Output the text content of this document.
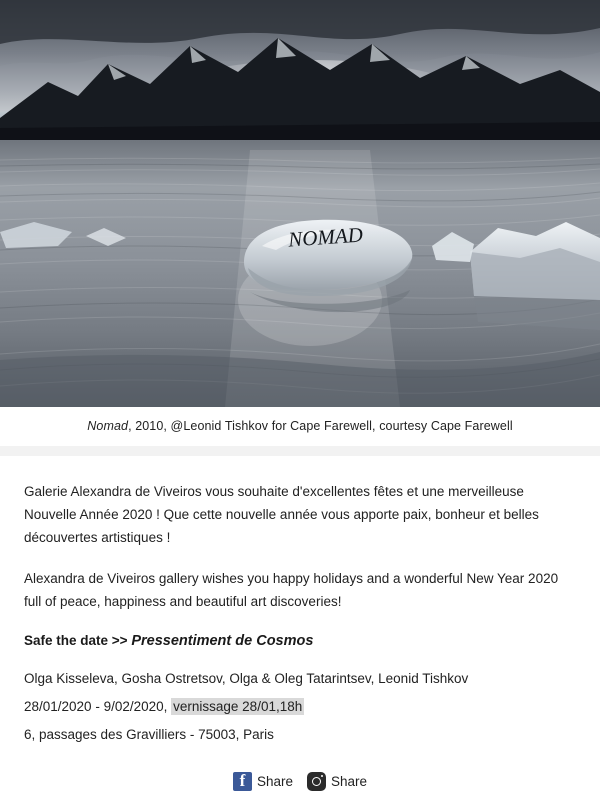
NOMAD
Nomad, 2010, @Leonid Tishkov for Cape Farewell, courtesy Cape Farewell

Galerie Alexandra de Viveiros vous souhaite d'excellentes fêtes et une merveilleuse Nouvelle Année 2020 ! Que cette nouvelle année vous apporte paix, bonheur et belles découvertes artistiques !

Alexandra de Viveiros gallery wishes you happy holidays and a wonderful New Year 2020 full of peace, happiness and beautiful art discoveries!

Safe the date >> Pressentiment de Cosmos
Olga Kisseleva, Gosha Ostretsov, Olga & Oleg Tatarintsev, Leonid Tishkov
28/01/2020 - 9/02/2020, vernissage 28/01,18h
6, passages des Gravilliers - 75003, Paris
f
Share	Share
